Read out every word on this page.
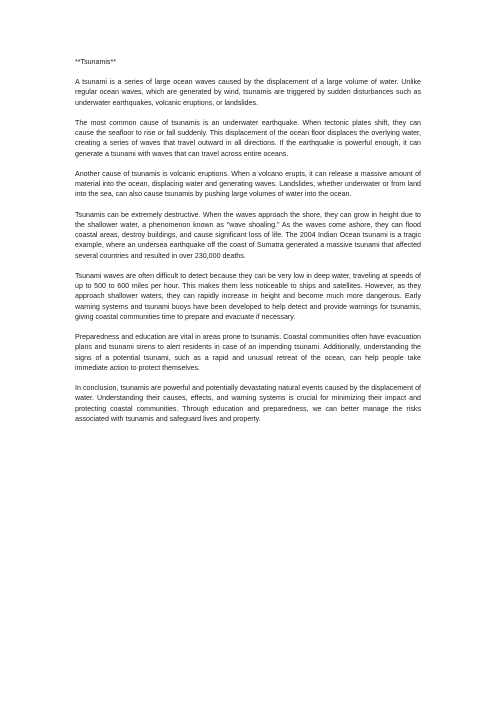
**Tsunamis**

A tsunami is a series of large ocean waves caused by the displacement of a large volume of water. Unlike regular ocean waves, which are generated by wind, tsunamis are triggered by sudden disturbances such as underwater earthquakes, volcanic eruptions, or landslides.

The most common cause of tsunamis is an underwater earthquake. When tectonic plates shift, they can cause the seafloor to rise or fall suddenly. This displacement of the ocean floor displaces the overlying water, creating a series of waves that travel outward in all directions. If the earthquake is powerful enough, it can generate a tsunami with waves that can travel across entire oceans.

Another cause of tsunamis is volcanic eruptions. When a volcano erupts, it can release a massive amount of material into the ocean, displacing water and generating waves. Landslides, whether underwater or from land into the sea, can also cause tsunamis by pushing large volumes of water into the ocean.

Tsunamis can be extremely destructive. When the waves approach the shore, they can grow in height due to the shallower water, a phenomenon known as "wave shoaling." As the waves come ashore, they can flood coastal areas, destroy buildings, and cause significant loss of life. The 2004 Indian Ocean tsunami is a tragic example, where an undersea earthquake off the coast of Sumatra generated a massive tsunami that affected several countries and resulted in over 230,000 deaths.

Tsunami waves are often difficult to detect because they can be very low in deep water, traveling at speeds of up to 500 to 600 miles per hour. This makes them less noticeable to ships and satellites. However, as they approach shallower waters, they can rapidly increase in height and become much more dangerous. Early warning systems and tsunami buoys have been developed to help detect and provide warnings for tsunamis, giving coastal communities time to prepare and evacuate if necessary.

Preparedness and education are vital in areas prone to tsunamis. Coastal communities often have evacuation plans and tsunami sirens to alert residents in case of an impending tsunami. Additionally, understanding the signs of a potential tsunami, such as a rapid and unusual retreat of the ocean, can help people take immediate action to protect themselves.

In conclusion, tsunamis are powerful and potentially devastating natural events caused by the displacement of water. Understanding their causes, effects, and warning systems is crucial for minimizing their impact and protecting coastal communities. Through education and preparedness, we can better manage the risks associated with tsunamis and safeguard lives and property.
